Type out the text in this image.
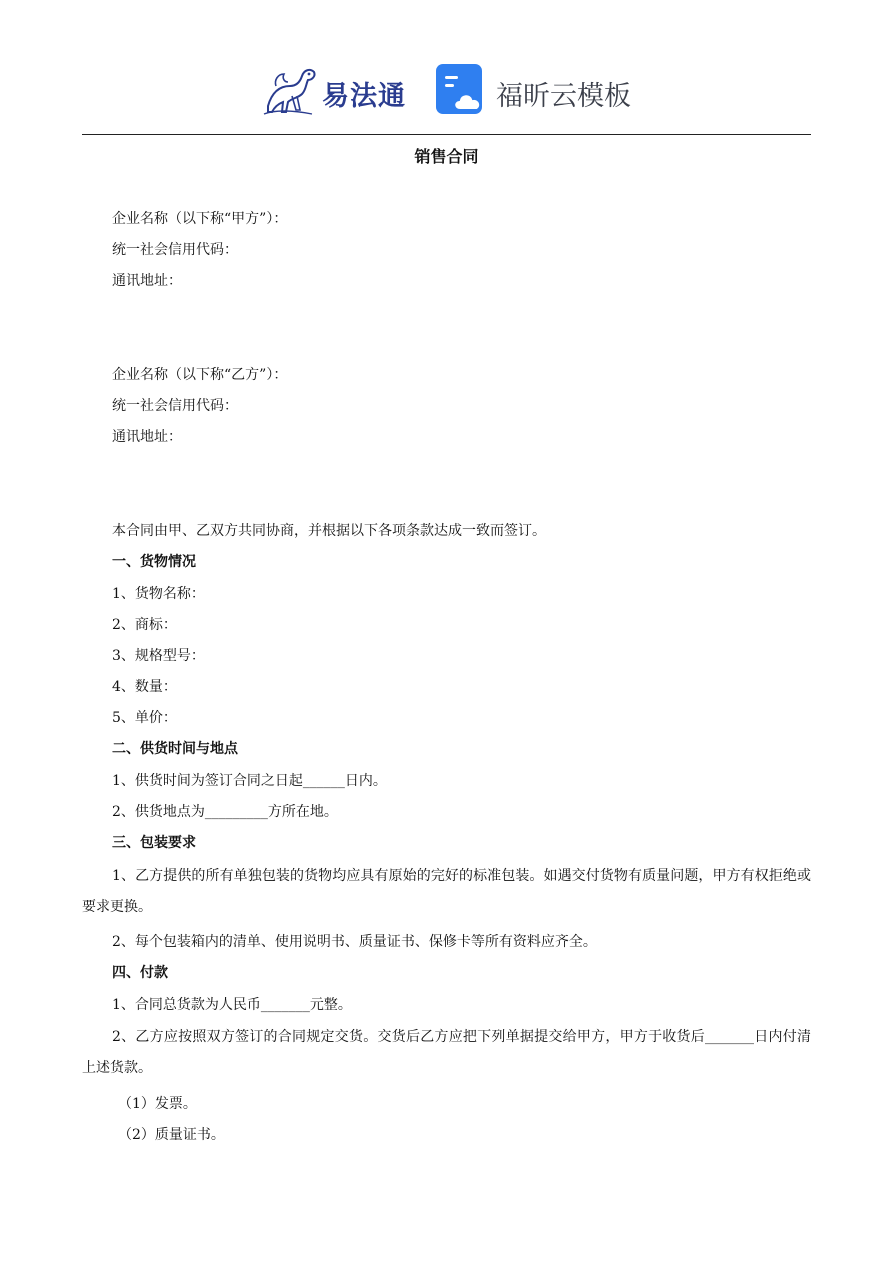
易法通	福昕云模板
销售合同
企业名称（以下称“甲方”）：
统一社会信用代码：
通讯地址：
企业名称（以下称“乙方”）：
统一社会信用代码：
通讯地址：
本合同由甲、乙双方共同协商，并根据以下各项条款达成一致而签订。
一、货物情况
1、货物名称：
2、商标：
3、规格型号：
4、数量：
5、单价：
二、供货时间与地点
1、供货时间为签订合同之日起______日内。
2、供货地点为_________方所在地。
三、包装要求
1、乙方提供的所有单独包装的货物均应具有原始的完好的标准包装。如遇交付货物有质量问题，甲方有权拒绝或要求更换。
2、每个包装箱内的清单、使用说明书、质量证书、保修卡等所有资料应齐全。
四、付款
1、合同总货款为人民币_______元整。
2、乙方应按照双方签订的合同规定交货。交货后乙方应把下列单据提交给甲方，甲方于收货后_______日内付清上述货款。
（1）发票。
（2）质量证书。
